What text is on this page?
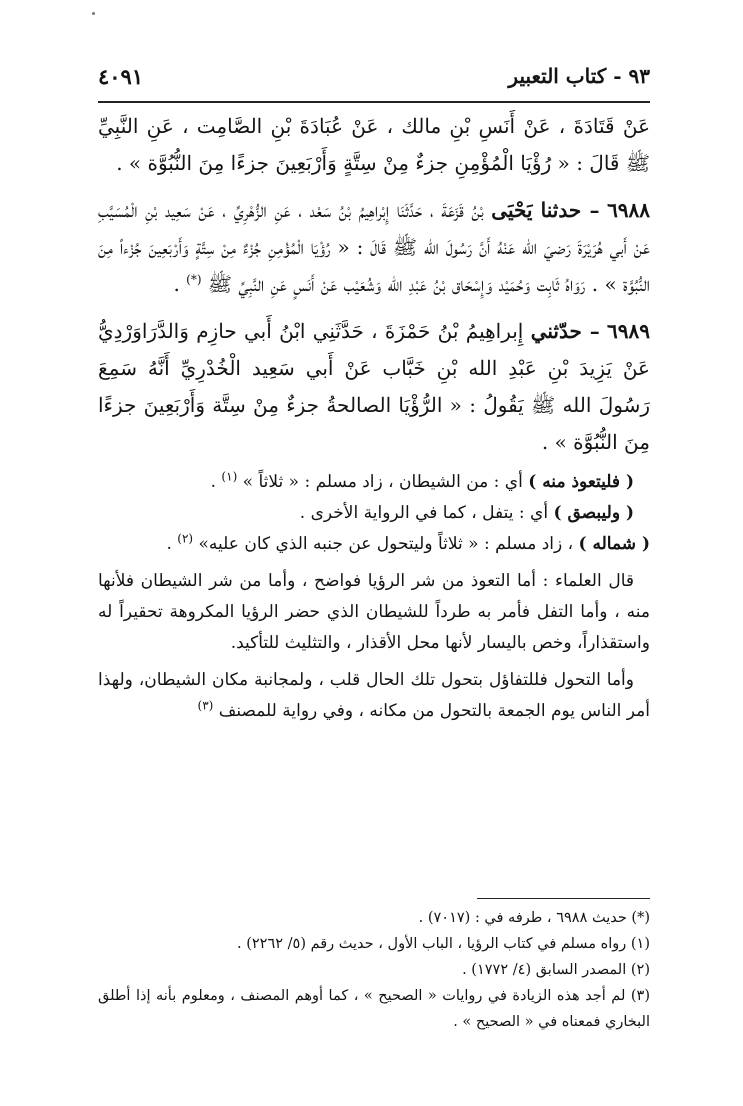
٩٣ - كتاب التعبير
٤٠٩١

عَنْ قَتَادَةَ ، عَنْ أَنَسِ بْنِ مالك ، عَنْ عُبَادَةَ بْنِ الصَّامِت ، عَنِ النَّبِيِّ ﷺ قَالَ : « رُؤْيَا الْمُؤْمِنِ جزءٌ مِنْ سِتَّةٍ وَأَرْبَعِينَ جزءًا مِنَ النُّبُوَّة » .

٦٩٨٨ – حدثنا يَحْيَى بْنُ قَزَعَةَ ، حَدَّثَنَا إِبْراهِيمُ بْنُ سَعْد ، عَنِ الزُّهْرِيِّ ، عَنْ سَعِيد بْنِ الْمُسَيَّبِ عَنْ أَبي هُرَيْرَةَ رَضيَ الله عَنْهُ أَنَّ رَسُولَ الله ﷺ قَالَ : « رُؤْيَا الْمُؤْمِنِ جُزْءٌ مِنْ سِتَّةٍ وَأَرْبَعِينَ جُزْءاً مِنَ النُّبُوَّة » . رَوَاهُ ثَابِت وَحُمَيْد وَإِسْحَاق بْنُ عَبْدِ الله وَشُعَيْب عَنْ أَنَسٍ عَنِ النَّبِيِّ ﷺ (*) .

٦٩٨٩ – حدّثني إِبراهِيمُ بْنُ حَمْزَةَ ، حَدَّثَنِي ابْنُ أَبي حازِم وَالدَّرَاوَرْدِيُّ عَنْ يَزِيدَ بْنِ عَبْدِ الله بْنِ خَبَّاب عَنْ أَبي سَعِيد الْخُدْرِيِّ أَنَّهُ سَمِعَ رَسُولَ الله ﷺ يَقُولُ : « الرُّؤْيَا الصالحةُ جزءٌ مِنْ سِتَّة وَأَرْبَعِينَ جزءًا مِنَ النُّبُوَّة » .

( فليتعوذ منه ) أي : من الشيطان ، زاد مسلم : « ثلاثاً » $^{(١)}$ .

( وليبصق ) أي : يتفل ، كما في الرواية الأخرى .

( شماله ) ، زاد مسلم : « ثلاثاً وليتحول عن جنبه الذي كان عليه» $^{(٢)}$ .

قال العلماء : أما التعوذ من شر الرؤيا فواضح ، وأما من شر الشيطان فلأنها منه ، وأما التفل فأمر به طرداً للشيطان الذي حضر الرؤيا المكروهة تحقيراً له واستقذاراً، وخص باليسار لأنها محل الأقذار ، والتثليث للتأكيد.

وأما التحول فللتفاؤل بتحول تلك الحال قلب ، ولمجانبة مكان الشيطان، ولهذا أمر الناس يوم الجمعة بالتحول من مكانه ، وفي رواية للمصنف $^{(٣)}$

(*) حديث ٦٩٨٨ ، طرفه في : (٧٠١٧) .

(١) رواه مسلم في كتاب الرؤيا ، الباب الأول ، حديث رقم (٥/ ٢٢٦٢) .

(٢) المصدر السابق (٤/ ١٧٧٢) .

(٣) لم أجد هذه الزيادة في روايات « الصحيح » ، كما أوهم المصنف ، ومعلوم بأنه إذا أطلق البخاري فمعناه في « الصحيح » .
